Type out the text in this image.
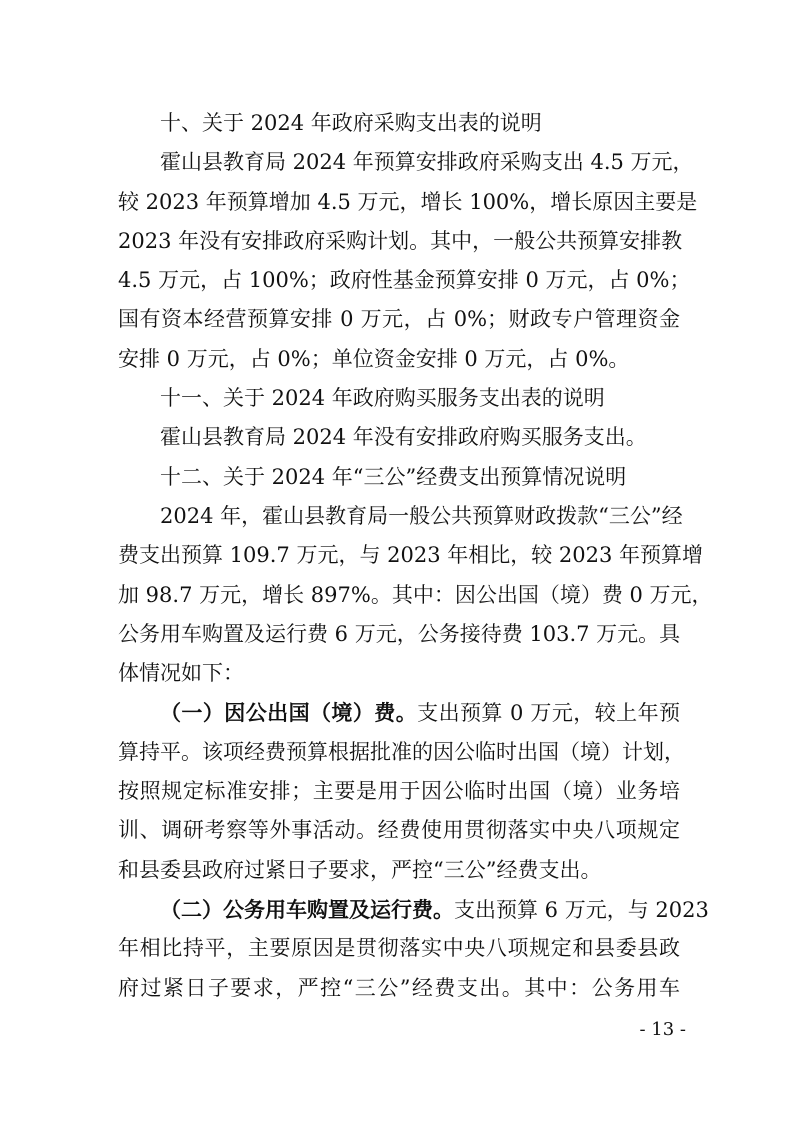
十、关于 2024 年政府采购支出表的说明
霍山县教育局 2024 年预算安排政府采购支出 4.5 万元，
较 2023 年预算增加 4.5 万元，增长 100%，增长原因主要是
2023 年没有安排政府采购计划。其中，一般公共预算安排教
4.5 万元，占 100%；政府性基金预算安排 0 万元，占 0%；
国有资本经营预算安排 0 万元，占 0%；财政专户管理资金
安排 0 万元，占 0%；单位资金安排 0 万元，占 0%。
十一、关于 2024 年政府购买服务支出表的说明
霍山县教育局 2024 年没有安排政府购买服务支出。
十二、关于 2024 年“三公”经费支出预算情况说明
2024 年，霍山县教育局一般公共预算财政拨款“三公”经
费支出预算 109.7 万元，与 2023 年相比，较 2023 年预算增
加 98.7 万元，增长 897%。其中：因公出国（境）费 0 万元，
公务用车购置及运行费 6 万元，公务接待费 103.7 万元。具
体情况如下：
（一）因公出国（境）费。支出预算 0 万元，较上年预
算持平。该项经费预算根据批准的因公临时出国（境）计划，
按照规定标准安排；主要是用于因公临时出国（境）业务培
训、调研考察等外事活动。经费使用贯彻落实中央八项规定
和县委县政府过紧日子要求，严控“三公”经费支出。
（二）公务用车购置及运行费。支出预算 6 万元，与 2023
年相比持平，主要原因是贯彻落实中央八项规定和县委县政
府过紧日子要求，严控“三公”经费支出。其中：公务用车
- 13 -
